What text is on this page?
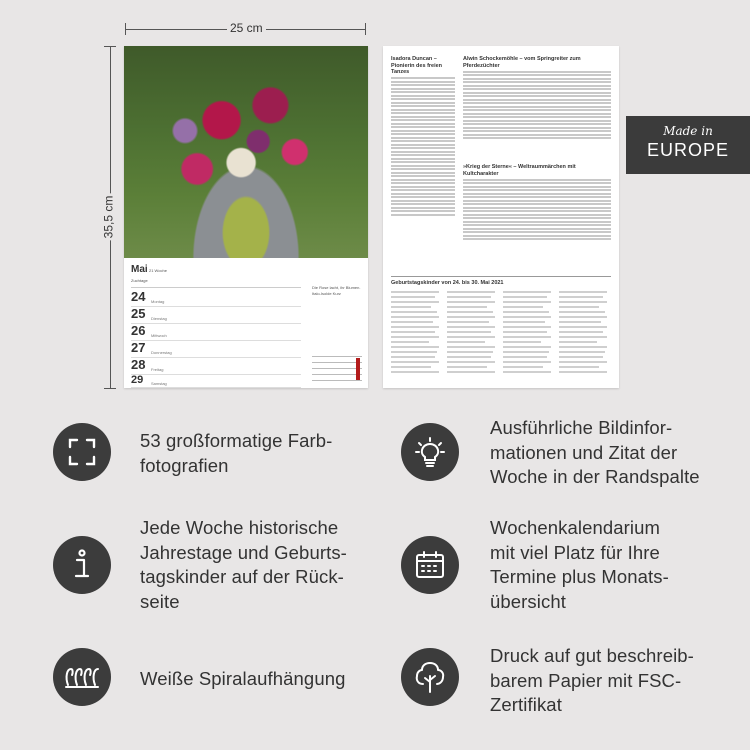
25 cm
35,5 cm
Mai 21 Woche
Zuchtage
Die Rose lacht, ihr Blumen. Italo-Isolde Kurz
24 Montag
25 Dienstag
26 Mittwoch
27 Donnerstag
28 Freitag
29 Samstag
Isadora Duncan – Pionierin des freien Tanzes
Alwin Schockemöhle – vom Springreiter zum Pferdezüchter
»Krieg der Sterne« – Weltraummärchen mit Kultcharakter
Geburtstagskinder von 24. bis 30. Mai 2021
Made in
EUROPE
53 großformatige Farb-
fotografien
Ausführliche Bildinfor-
mationen und Zitat der
Woche in der Randspalte
Jede Woche historische
Jahrestage und Geburts-
tagskinder auf der Rück-
seite
Wochenkalendarium
mit viel Platz für Ihre
Termine plus Monats-
übersicht
Weiße Spiralaufhängung
Druck auf gut beschreib-
barem Papier mit FSC-
Zertifikat
